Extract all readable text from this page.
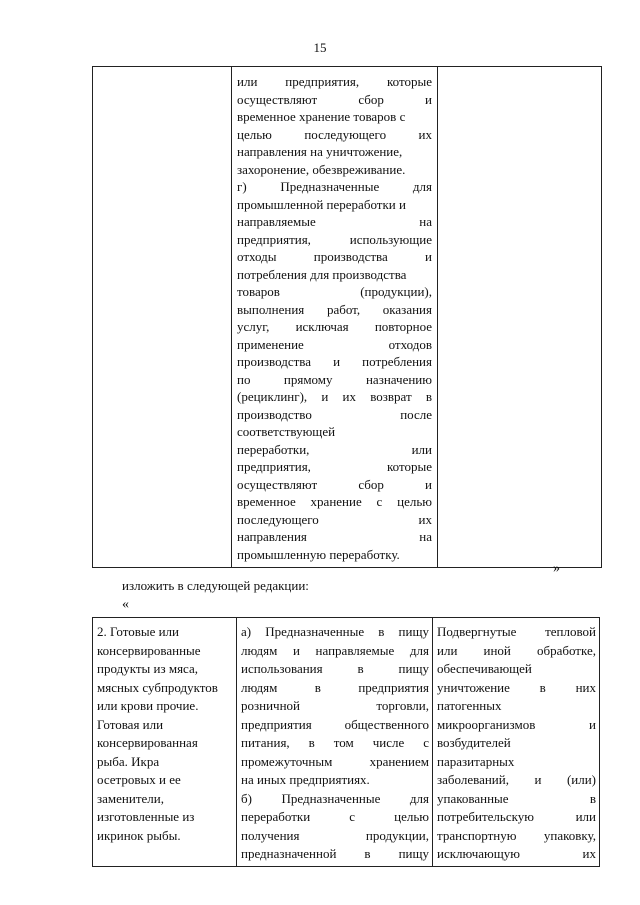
15

или предприятия, которые
осуществляют	сбор	и
временное хранение товаров с
целью последующего их
направления на уничтожение,
захоронение, обезвреживание.
г)	Предназначенные	для
промышленной переработки и
направляемые	на
предприятия,	использующие
отходы	производства	и
потребления для производства
товаров	(продукции),
выполнения работ, оказания
услуг, исключая повторное
применение	отходов
производства и потребления
по	прямому	назначению
(рециклинг), и их возврат в
производство	после
соответствующей
переработки,	или
предприятия,	которые
осуществляют	сбор	и
временное хранение с целью
последующего	их
направления	на
промышленную переработку.

»
изложить в следующей редакции:
«
2. Готовые или
консервированные
продукты из мяса,
мясных субпродуктов
или крови прочие.
Готовая или
консервированная
рыба. Икра
осетровых и ее
заменители,
изготовленные из
икринок рыбы.

а) Предназначенные в пищу
людям и направляемые для
использования	в	пищу
людям	в	предприятия
розничной	торговли,
предприятия	общественного
питания, в том числе с
промежуточным	хранением
на иных предприятиях.
б) Предназначенные для
переработки	с	целью
получения	продукции,
предназначенной в пищу

Подвергнутые тепловой
или иной обработке,
обеспечивающей
уничтожение в них
патогенных
микроорганизмов	и
возбудителей
паразитарных
заболеваний, и (или)
упакованные	в
потребительскую	или
транспортную упаковку,
исключающую	их
